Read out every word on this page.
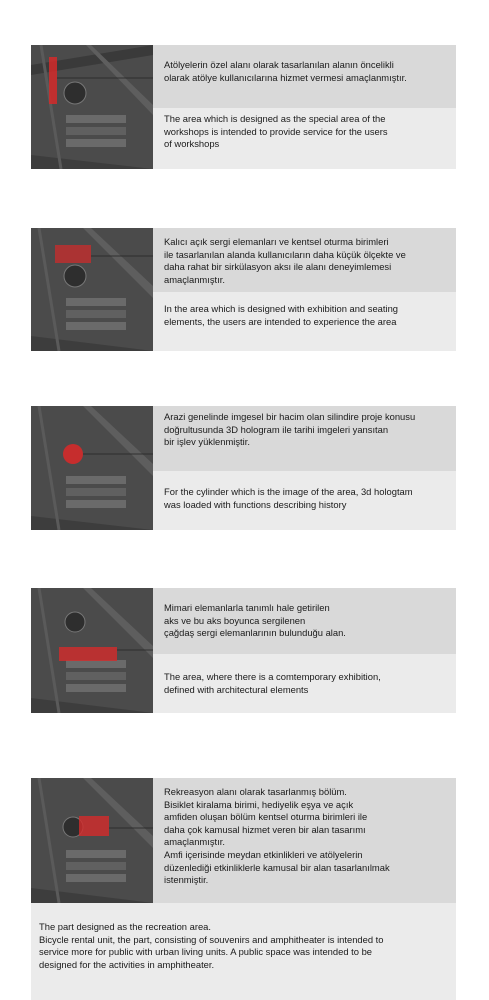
Atölyelerin özel alanı olarak tasarlanılan alanın öncelikli
olarak atölye kullanıcılarına hizmet vermesi amaçlanmıştır.
The area which is designed as the special area of the
workshops is intended to provide service for the users
of workshops
Kalıcı açık sergi elemanları ve kentsel oturma birimleri
ile tasarlanılan alanda kullanıcıların daha küçük ölçekte ve
daha rahat bir sirkülasyon aksı ile alanı deneyimlemesi
amaçlanmıştır.
In the area which is designed with exhibition and seating
elements, the users are intended to experience the area
Arazi genelinde imgesel bir hacim olan silindire proje konusu
doğrultusunda 3D hologram ile tarihi imgeleri yansıtan
bir işlev yüklenmiştir.
For the cylinder which is the image of the area, 3d hologtam
was loaded with functions describing history
Mimari elemanlarla tanımlı hale getirilen
aks ve bu aks boyunca sergilenen
çağdaş sergi elemanlarının bulunduğu alan.
The area, where there is a comtemporary exhibition,
defined with architectural elements
Rekreasyon alanı olarak tasarlanmış bölüm.
Bisiklet kiralama birimi, hediyelik eşya ve açık
amfiden oluşan bölüm kentsel oturma birimleri ile
daha çok kamusal hizmet veren bir alan tasarımı
amaçlanmıştır.
Amfi içerisinde meydan etkinlikleri ve atölyelerin
düzenlediği etkinliklerle kamusal bir alan tasarlanılmak
istenmiştir.
The part designed as the recreation area.
Bicycle rental unit, the part, consisting of souvenirs and amphitheater is intended to
service more for public with urban living units. A public space was intended to be
designed for the activities in amphitheater.
